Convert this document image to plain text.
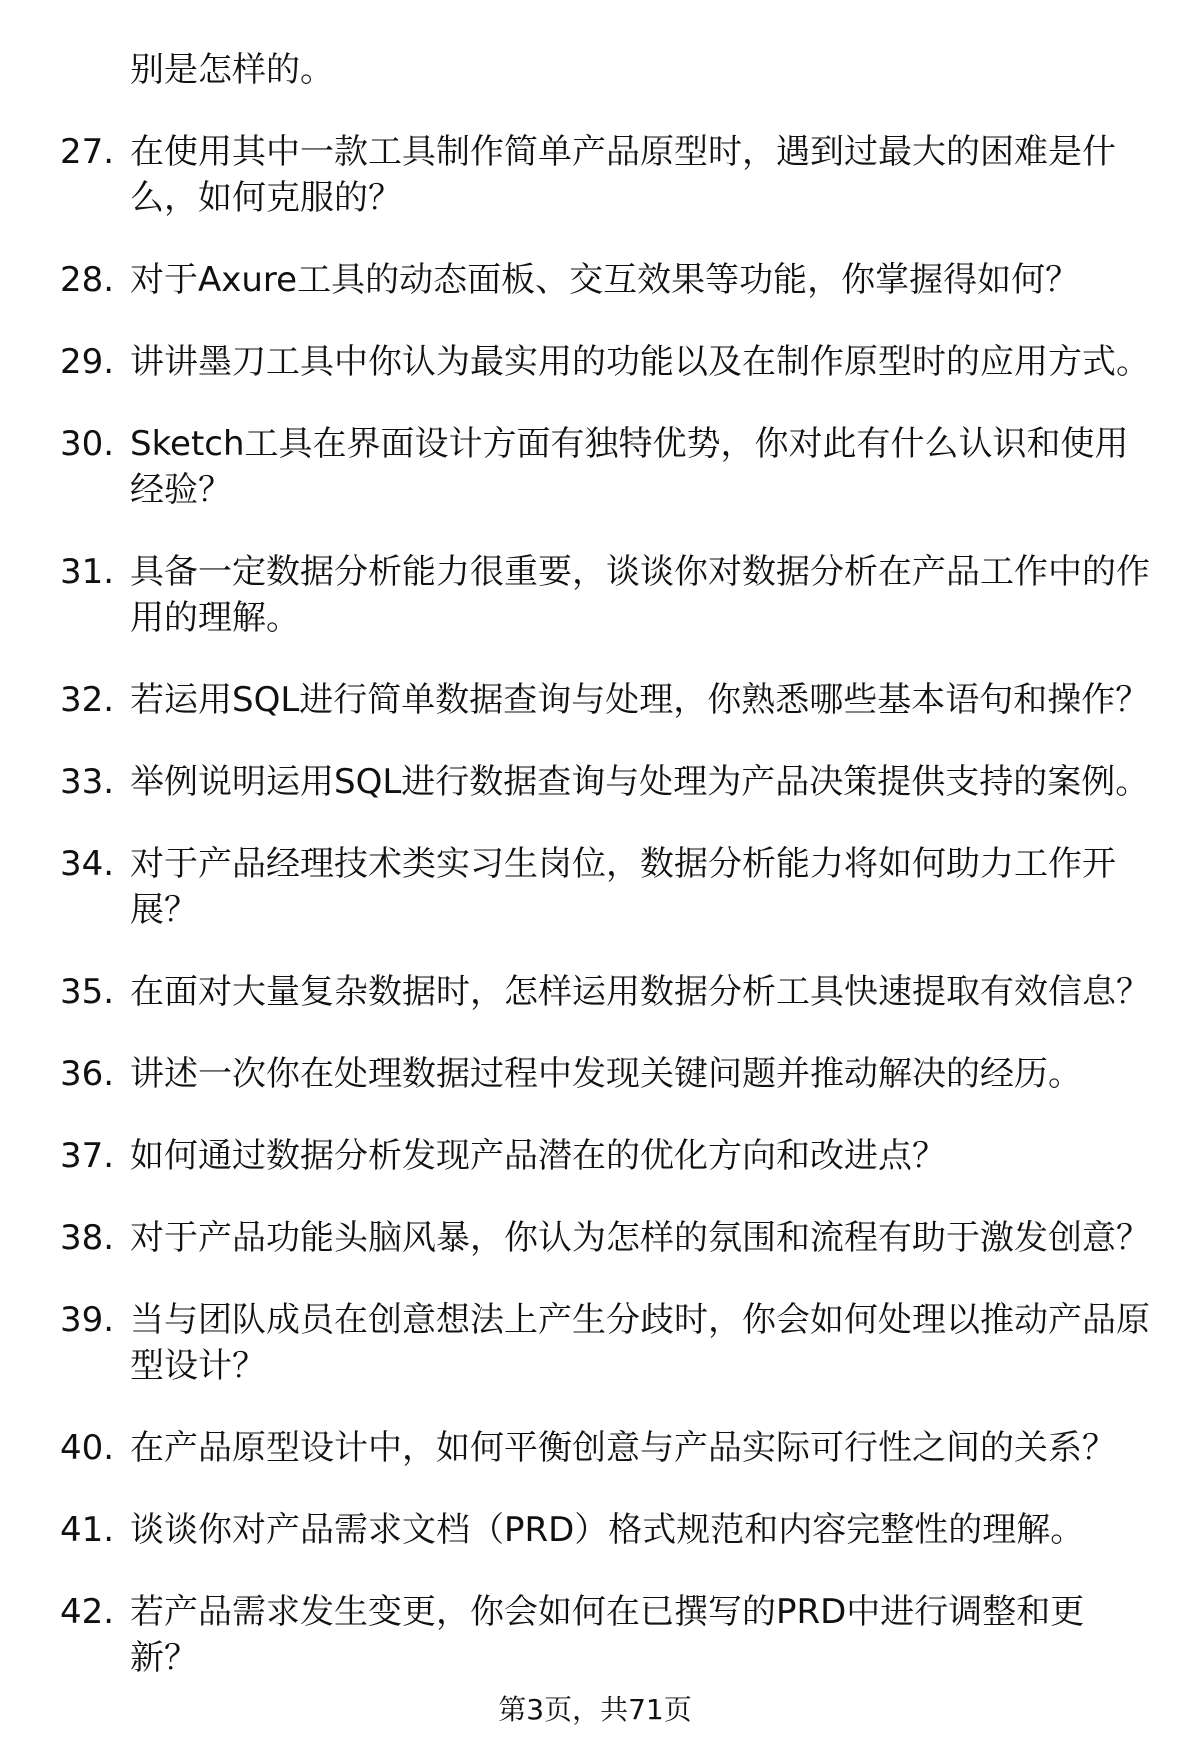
​
别是怎样的。
27. 在使用其中一款工具制作简单产品原型时，遇到过最大的困难是什么，如何克服的？
28. 对于Axure工具的动态面板、交互效果等功能，你掌握得如何？
29. 讲讲墨刀工具中你认为最实用的功能以及在制作原型时的应用方式。
30. Sketch工具在界面设计方面有独特优势，你对此有什么认识和使用经验？
31. 具备一定数据分析能力很重要，谈谈你对数据分析在产品工作中的作用的理解。
32. 若运用SQL进行简单数据查询与处理，你熟悉哪些基本语句和操作？
33. 举例说明运用SQL进行数据查询与处理为产品决策提供支持的案例。
34. 对于产品经理技术类实习生岗位，数据分析能力将如何助力工作开展？
35. 在面对大量复杂数据时，怎样运用数据分析工具快速提取有效信息？
36. 讲述一次你在处理数据过程中发现关键问题并推动解决的经历。
37. 如何通过数据分析发现产品潜在的优化方向和改进点？
38. 对于产品功能头脑风暴，你认为怎样的氛围和流程有助于激发创意？
39. 当与团队成员在创意想法上产生分歧时，你会如何处理以推动产品原型设计？
40. 在产品原型设计中，如何平衡创意与产品实际可行性之间的关系？
41. 谈谈你对产品需求文档（PRD）格式规范和内容完整性的理解。
42. 若产品需求发生变更，你会如何在已撰写的PRD中进行调整和更新？
第3页，共71页
